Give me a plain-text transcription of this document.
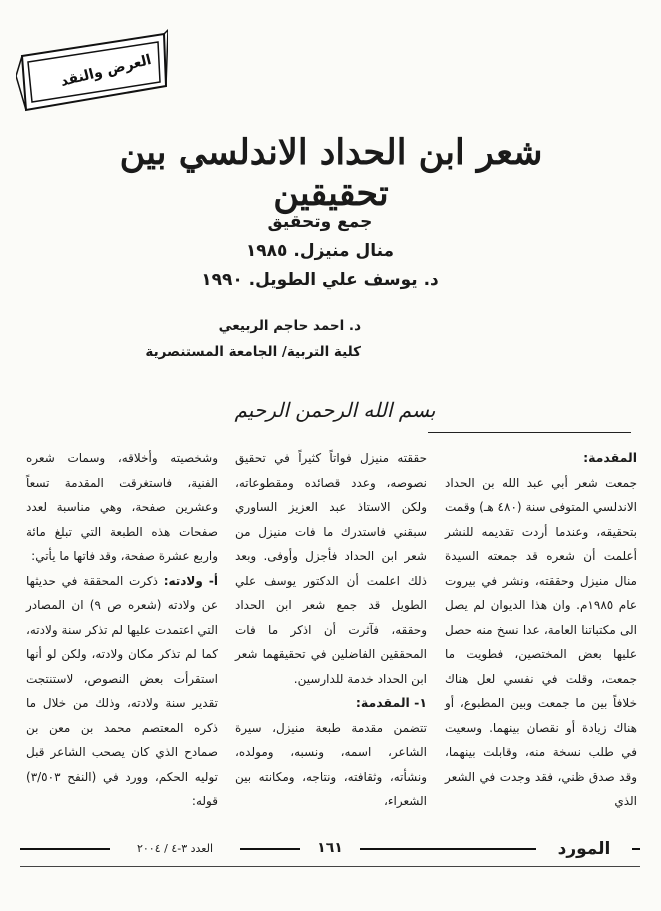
العرض والنقد
شعر ابن الحداد الاندلسي بين تحقيقين
جمع وتحقيق
منال منيزل. ١٩٨٥
د. يوسف علي الطويل. ١٩٩٠
د. احمد حاجم الربيعي
كلية التربية/ الجامعة المستنصرية
بسم الله الرحمن الرحيم
المقدمة:

جمعت شعر أبي عبد الله بن الحداد الاندلسي المتوفى سنة (٤٨٠ هـ) وقمت بتحقيقه، وعندما أردت تقديمه للنشر أعلمت أن شعره قد جمعته السيدة منال منيزل وحققته، ونشر في بيروت عام ١٩٨٥م. وان هذا الديوان لم يصل الى مكتباتنا العامة، عدا نسخ منه حصل عليها بعض المختصين، فطويت ما جمعت، وقلت في نفسي لعل هناك خلافاً بين ما جمعت وبين المطبوع، أو هناك زيادة أو نقصان بينهما. وسعيت في طلب نسخة منه، وقابلت بينهما، وقد صدق ظني، فقد وجدت في الشعر الذي

حققته منيزل فواتاً كثيراً في تحقيق نصوصه، وعدد قصائده ومقطوعاته، ولكن الاستاذ عبد العزيز الساوري سبقني فاستدرك ما فات منيزل من شعر ابن الحداد فأجزل وأوفى. وبعد ذلك اعلمت أن الدكتور يوسف علي الطويل قد جمع شعر ابن الحداد وحققه، فآثرت أن اذكر ما فات المحققين الفاضلين في تحقيقهما شعر ابن الحداد خدمة للدارسين.

١- المقدمة:

تتضمن مقدمة طبعة منيزل، سيرة الشاعر، اسمه، ونسبه، ومولده، ونشأته، وثقافته، ونتاجه، ومكانته بين الشعراء،

وشخصيته وأخلاقه، وسمات شعره الفنية، فاستغرقت المقدمة تسعاً وعشرين صفحة، وهي مناسبة لعدد صفحات هذه الطبعة التي تبلغ مائة واربع عشرة صفحة، وقد فاتها ما يأتي:

أ- ولادته: ذكرت المحققة في حديثها عن ولادته (شعره ص ٩) ان المصادر التي اعتمدت عليها لم تذكر سنة ولادته، كما لم تذكر مكان ولادته، ولكن لو أنها استقرأت بعض النصوص، لاستنتجت تقدير سنة ولادته، وذلك من خلال ما ذكره المعتصم محمد بن معن بن صمادح الذي كان يصحب الشاعر قبل توليه الحكم، وورد في (النفح ٣/٥٠٣) قوله:

المورد
١٦١
العدد ٣-٤ / ٢٠٠٤
